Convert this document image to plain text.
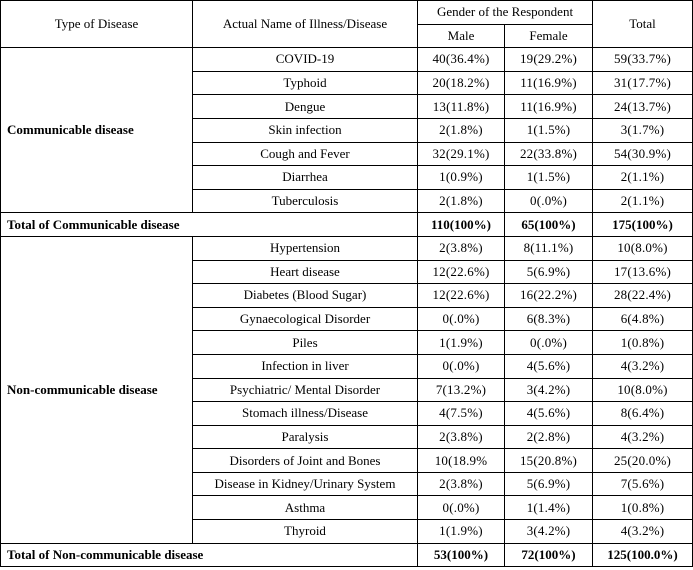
Type of Disease	Actual Name of Illness/Disease	Gender of the Respondent		Total
		Male	Female	
Communicable disease	COVID-19	40(36.4%)	19(29.2%)	59(33.7%)
	Typhoid	20(18.2%)	11(16.9%)	31(17.7%)
	Dengue	13(11.8%)	11(16.9%)	24(13.7%)
	Skin infection	2(1.8%)	1(1.5%)	3(1.7%)
	Cough and Fever	32(29.1%)	22(33.8%)	54(30.9%)
	Diarrhea	1(0.9%)	1(1.5%)	2(1.1%)
	Tuberculosis	2(1.8%)	0(.0%)	2(1.1%)
Total of Communicable disease		110(100%)	65(100%)	175(100%)
Non-communicable disease	Hypertension	2(3.8%)	8(11.1%)	10(8.0%)
	Heart disease	12(22.6%)	5(6.9%)	17(13.6%)
	Diabetes (Blood Sugar)	12(22.6%)	16(22.2%)	28(22.4%)
	Gynaecological Disorder	0(.0%)	6(8.3%)	6(4.8%)
	Piles	1(1.9%)	0(.0%)	1(0.8%)
	Infection in liver	0(.0%)	4(5.6%)	4(3.2%)
	Psychiatric/ Mental Disorder	7(13.2%)	3(4.2%)	10(8.0%)
	Stomach illness/Disease	4(7.5%)	4(5.6%)	8(6.4%)
	Paralysis	2(3.8%)	2(2.8%)	4(3.2%)
	Disorders of Joint and Bones	10(18.9%	15(20.8%)	25(20.0%)
	Disease in Kidney/Urinary System	2(3.8%)	5(6.9%)	7(5.6%)
	Asthma	0(.0%)	1(1.4%)	1(0.8%)
	Thyroid	1(1.9%)	3(4.2%)	4(3.2%)
Total of Non-communicable disease		53(100%)	72(100%)	125(100.0%)
